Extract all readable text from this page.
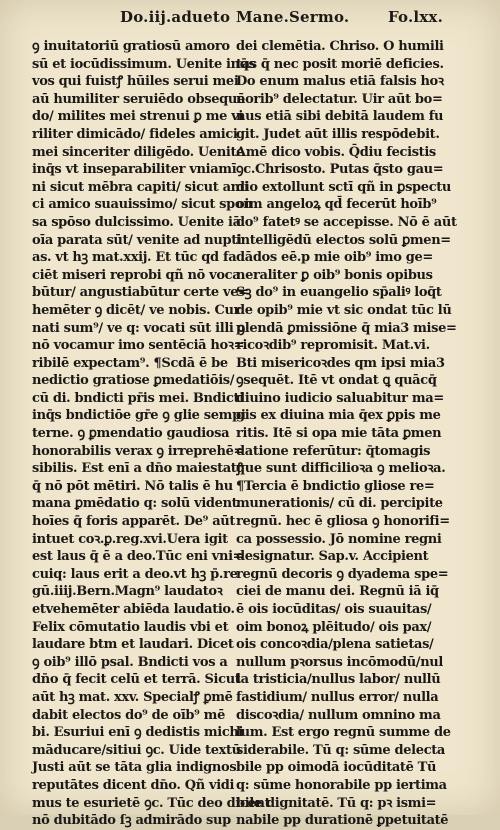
Do.iij.adueto Mane.Sermo.	Fo.lxx.
ꝯ inuitatoriū gratiosū amoro
sū et iocūdissimum. Uenite inq̄s
vos qui fuistꝭ hūiles serui mei
aū humiliter seruiēdo obsequē
do/ milites mei strenui ꝑ me vi
riliter dimicādo/ fideles amici
mei sinceriter diligēdo. Uenite
inq̄s vt inseparabiliter vniamī
ni sicut mēbra capiti/ sicut ami
ci amico suauissimo/ sicut spon
sa spōso dulcissimo. Uenite iā
oīa parata sūt/ venite ad nupti
as. vt hꝫ mat.xxij. Et tūc qd fa
ciēt miseri reprobi qñ nō voca
būtur/ angustiabūtur certe ve=
hemēter ꝯ dicēt/ ve nobis. Cur
nati sum⁹/ ve q: vocati sūt illi ꝯ
nō vocamur imo sentēciā hoꝛ=
ribilē expectam⁹. ¶Scdā ē be
nedictio gratiose ꝑmedatiōis/
cū di. bndicti pr̄is mei. Bndicti
inq̄s bndictiōe gr̄e ꝯ glie sempi
terne. ꝯ ꝑmendatio gaudiosa
honorabilis verax ꝯ irreprehē=
sibilis. Est enī a dn̄o maiestatꝭ
q̄ nō pōt mētiri. Nō talis ē hu
mana ꝑmēdatio q: solū vident
hoīes q̄ foris apparēt. De⁹ aūt
intuet coꝛ.ꝑ.reg.xvi.Uera igit
est laus q̄ ē a deo.Tūc eni vni=
cuiq: laus erit a deo.vt hꝫ p̄.re
gū.iiij.Bern.Magn⁹ laudatoꝛ
etvehemēter abiēda laudatio.
Felix cōmutatio laudis vbi et
laudare btm et laudari. Dicet
ꝯ oib⁹ illō psal. Bndicti vos a
dn̄o q̄ fecit celū et terrā. Sicut
aūt hꝫ mat. xxv. Specialꝭ ꝑmē
dabit electos do⁹ de oīb⁹ mē
bi. Esuriui enī ꝯ dedistis michi
māducare/sitiui ꝯc. Uide textū
Justi aūt se tāta glia indignos
reputātes dicent dn̄o. Qñ vidi
mus te esurietē ꝯc. Tūc deo dicent
nō dubitādo ſꝫ admirādo sup
dei clemētia. Chriso. O humili
tas q̄ nec posit moriē deficies.
Do enum malus etiā falsis hoꝛ
norib⁹ delectatur. Uir aūt bo=
nus etiā sibi debitā laudem fu
git. Judet aūt illis respōdebit.
Amē dico vobis. Q̄diu fecistis
ꝯc.Chrisosto. Putas q̄sto gau=
dio extollunt sctī qñ in ꝑspectu
oim angeloꝝ qd̄ fecerūt hoīb⁹
do⁹ fatetꝰ se accepisse. Nō ē aūt
intelligēdū electos solū ꝑmen=
dādos eē.p mie oib⁹ imo ge=
neraliter ꝑ oib⁹ bonis opibus
Sꝫ do⁹ in euangelio sp̄aliꝰ loq̄t
de opib⁹ mie vt sic ondat tūc lū
plendā ꝑmissiōne q̄ mia3 mise=
ricoꝛdib⁹ repromisit. Mat.vi.
Bti misericoꝛdes qm ipsi mia3
ꝯsequēt. Itē vt ondat ꝗ quācq̄
diuino iudicio saluabitur ma=
gis ex diuina mia q̄ex ꝑpis me
ritis. Itē si opa mie tāta ꝑmen
datione referūtur: q̄tomagis
que sunt difficilioꝛa ꝯ melioꝛa.
¶Tercia ē bndictio gliose re=
munerationis/ cū di. percipite
regnū. hec ē gliosa ꝯ honorifi=
ca possessio. Jō nomine regni
designatur. Sap.v. Accipient
regnū decoris ꝯ dyadema spe=
ciei de manu dei. Regnū iā iq̄
ē ois iocūditas/ ois suauitas/
oim bonoꝝ plēitudo/ ois pax/
ois concoꝛdia/plena satietas/
nullum pꝛorsus incōmodū/nul
la tristicia/nullus labor/ nullū
fastidium/ nullus error/ nulla
discoꝛdia/ nullum omnino ma
lum. Est ergo regnū summe de
siderabile. Tū q: sūme delecta
bile pp oimodā iocūditatē Tū
q: sūme honorabile pp iertima
bile dignitatē. Tū q: pꝛ ismi=
nabile pp durationē ꝑpetuitatē
